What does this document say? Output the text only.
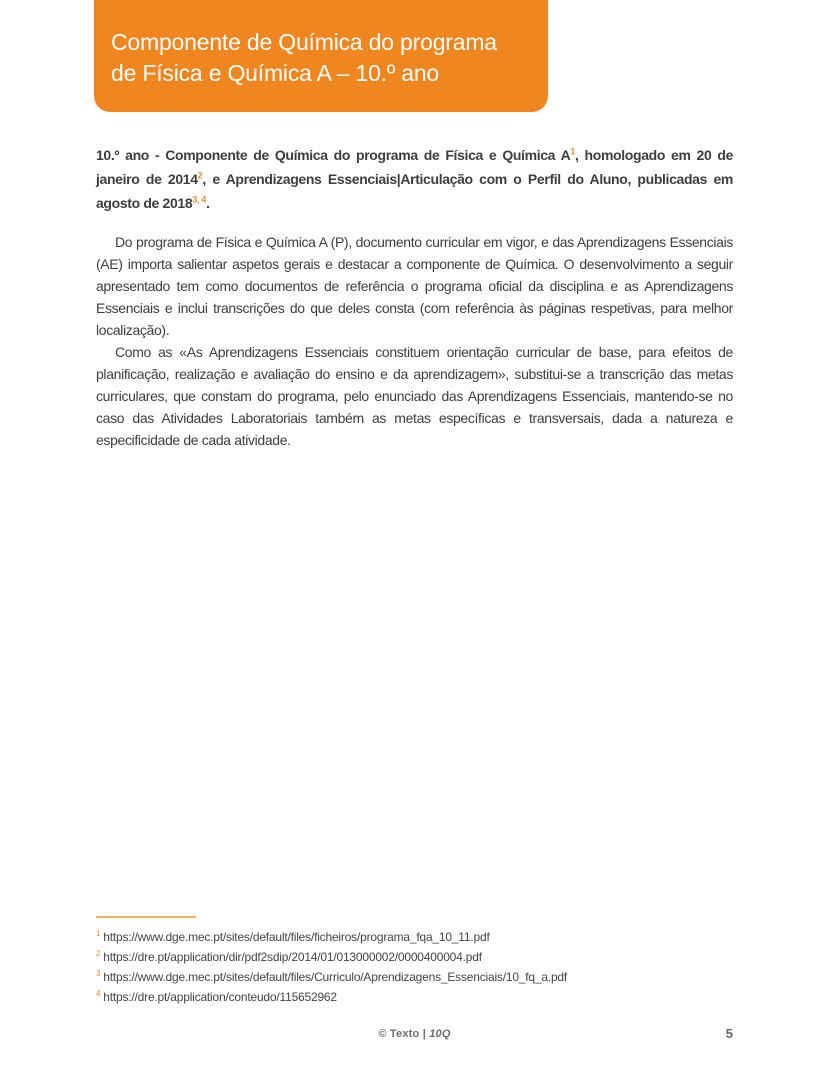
Componente de Química do programa
de Física e Química A – 10.º ano

10.º ano - Componente de Química do programa de Física e Química A$^1$, homologado em 20 de janeiro de 2014$^2$, e Aprendizagens Essenciais|Articulação com o Perfil do Aluno, publicadas em agosto de 2018$^{3, 4}$.

Do programa de Física e Química A (P), documento curricular em vigor, e das Aprendizagens Essenciais (AE) importa salientar aspetos gerais e destacar a componente de Química. O desenvolvimento a seguir apresentado tem como documentos de referência o programa oficial da disciplina e as Aprendizagens Essenciais e inclui transcrições do que deles consta (com referência às páginas respetivas, para melhor localização).

Como as «As Aprendizagens Essenciais constituem orientação curricular de base, para efeitos de planificação, realização e avaliação do ensino e da aprendizagem», substitui-se a transcrição das metas curriculares, que constam do programa, pelo enunciado das Aprendizagens Essenciais, mantendo-se no caso das Atividades Laboratoriais também as metas específicas e transversais, dada a natureza e especificidade de cada atividade.

$^1$ https://www.dge.mec.pt/sites/default/files/ficheiros/programa_fqa_10_11.pdf
$^2$ https://dre.pt/application/dir/pdf2sdip/2014/01/013000002/0000400004.pdf
$^3$ https://www.dge.mec.pt/sites/default/files/Curriculo/Aprendizagens_Essenciais/10_fq_a.pdf
$^4$ https://dre.pt/application/conteudo/115652962
© Texto | 10Q	5
